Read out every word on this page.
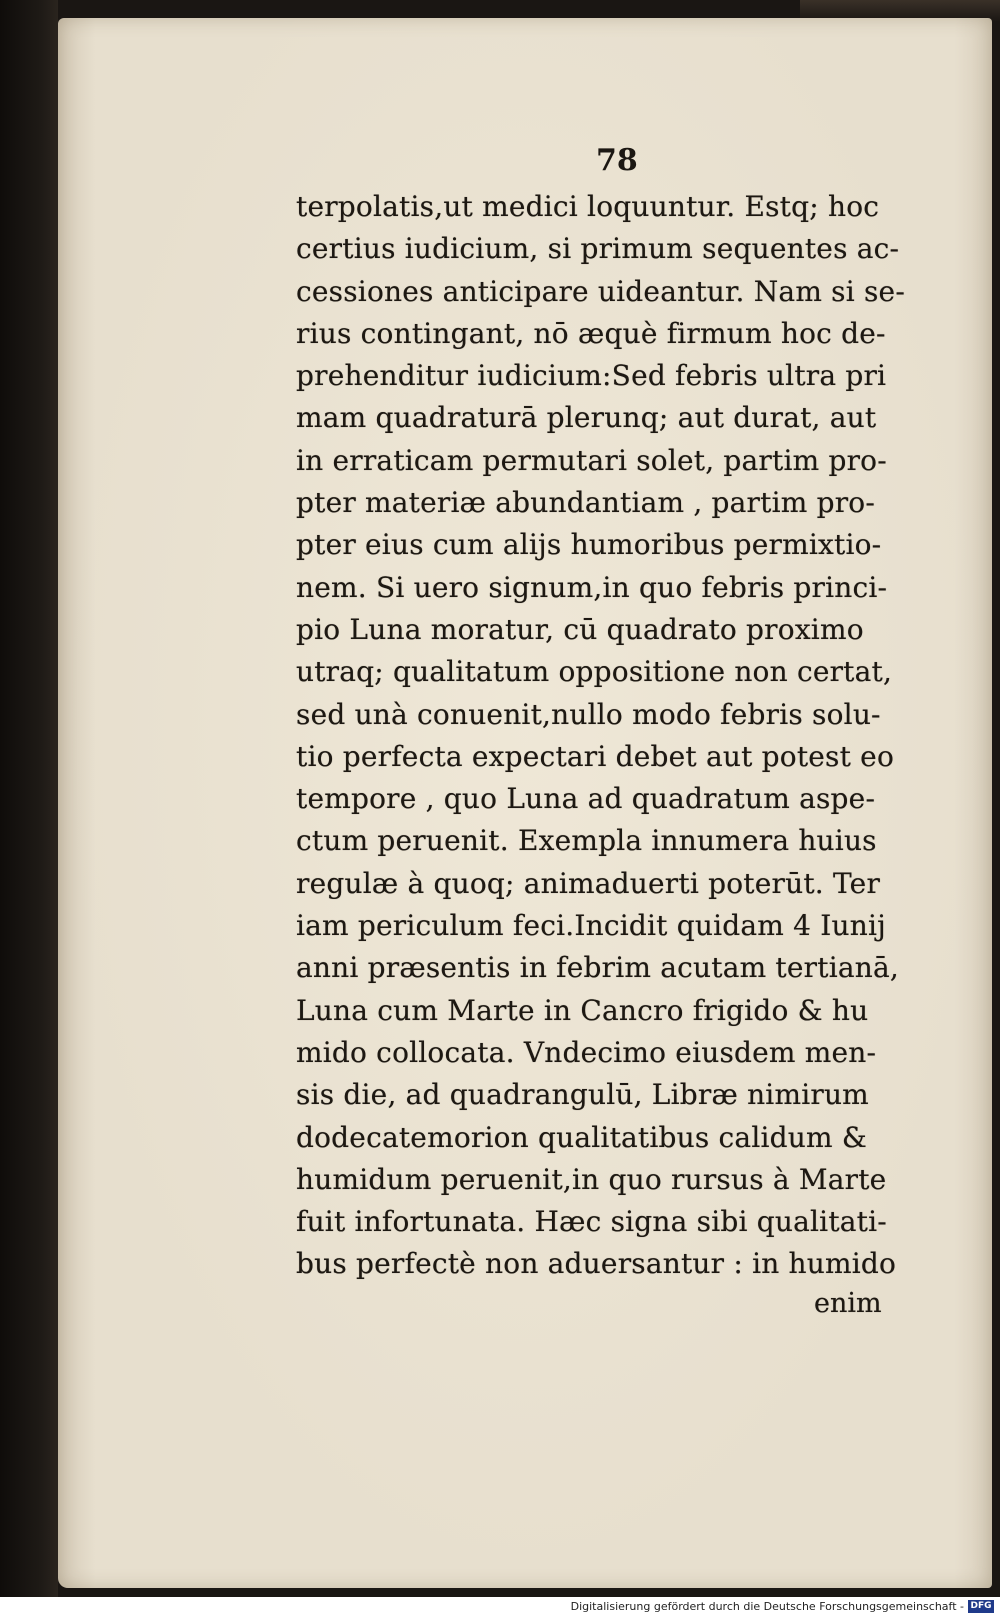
78
terpolatis,ut medici loquuntur. Estq; hoc
certius iudicium, si primum sequentes ac-
cessiones anticipare uideantur. Nam si se-
rius contingant, nō æquè firmum hoc de-
prehenditur iudicium:Sed febris ultra pri
mam quadraturā plerunq; aut durat, aut
in erraticam permutari solet, partim pro-
pter materiæ abundantiam , partim pro-
pter eius cum alijs humoribus permixtio-
nem. Si uero signum,in quo febris princi-
pio Luna moratur, cū quadrato proximo
utraq; qualitatum oppositione non certat,
sed unà conuenit,nullo modo febris solu-
tio perfecta expectari debet aut potest eo
tempore , quo Luna ad quadratum aspe-
ctum peruenit. Exempla innumera huius
regulæ à quoq; animaduerti poterūt. Ter
iam periculum feci.Incidit quidam 4 Iunij
anni præsentis in febrim acutam tertianā,
Luna cum Marte in Cancro frigido & hu
mido collocata. Vndecimo eiusdem men-
sis die, ad quadrangulū, Libræ nimirum
dodecatemorion qualitatibus calidum &
humidum peruenit,in quo rursus à Marte
fuit infortunata. Hæc signa sibi qualitati-
bus perfectè non aduersantur : in humido
enim
Digitalisierung gefördert durch die Deutsche Forschungsgemeinschaft - DFG
